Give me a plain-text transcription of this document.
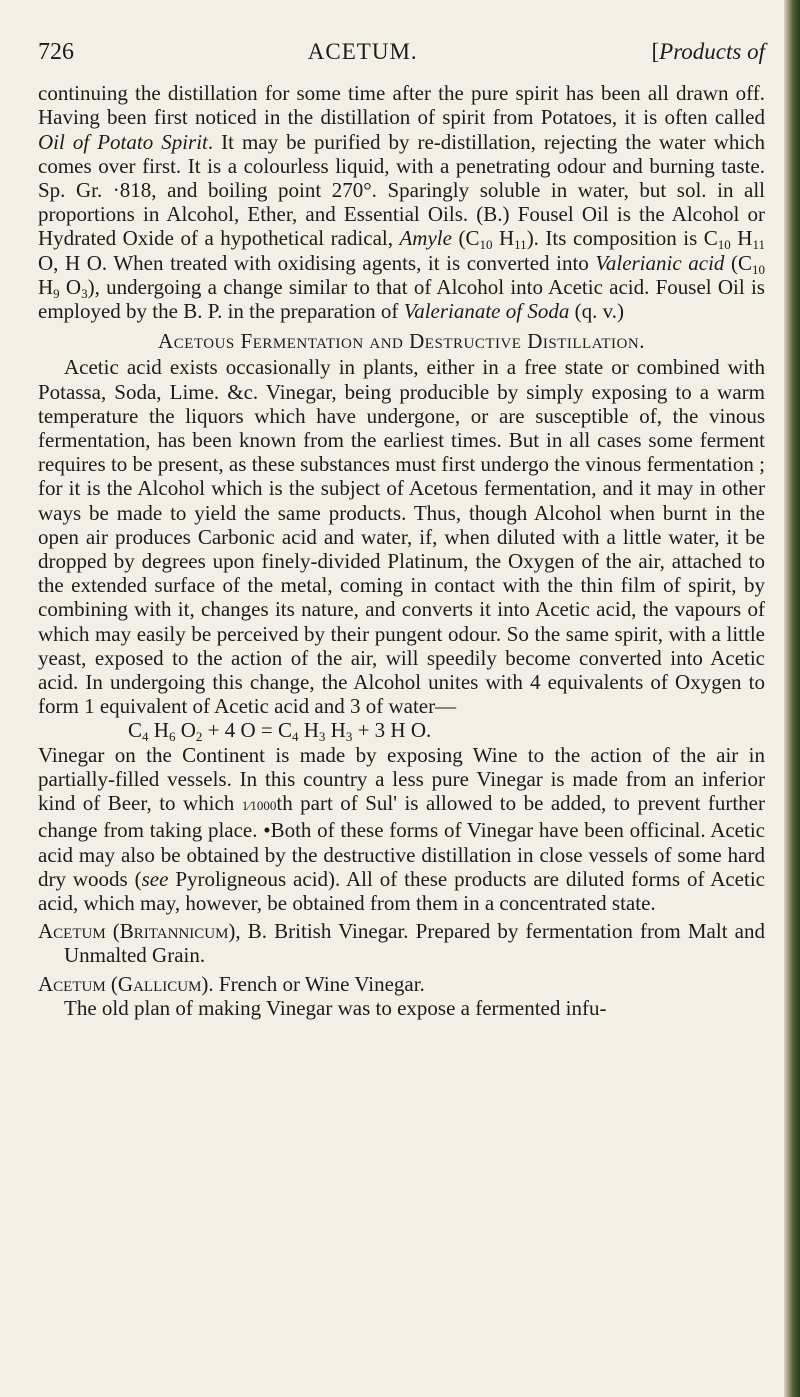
726	ACETUM.	[Products of

continuing the distillation for some time after the pure spirit has been all drawn off. Having been first noticed in the distillation of spirit from Potatoes, it is often called Oil of Potato Spirit. It may be purified by re-distillation, rejecting the water which comes over first. It is a colourless liquid, with a penetrating odour and burning taste. Sp. Gr. ·818, and boiling point 270°. Sparingly soluble in water, but sol. in all proportions in Alcohol, Ether, and Essential Oils. (B.) Fousel Oil is the Alcohol or Hydrated Oxide of a hypothetical radical, Amyle ($C_{10}$ $H_{11}$). Its composition is $C_{10}$ $H_{11}$ O, H O. When treated with oxidising agents, it is converted into Valerianic acid ($C_{10}$ $H_9$ $O_3$), undergoing a change similar to that of Alcohol into Acetic acid. Fousel Oil is employed by the B. P. in the preparation of Valerianate of Soda (q. v.)

Acetous Fermentation and Destructive Distillation.

Acetic acid exists occasionally in plants, either in a free state or combined with Potassa, Soda, Lime. &c. Vinegar, being producible by simply exposing to a warm temperature the liquors which have undergone, or are susceptible of, the vinous fermentation, has been known from the earliest times. But in all cases some ferment requires to be present, as these substances must first undergo the vinous fermentation ; for it is the Alcohol which is the subject of Acetous fermentation, and it may in other ways be made to yield the same products. Thus, though Alcohol when burnt in the open air produces Carbonic acid and water, if, when diluted with a little water, it be dropped by degrees upon finely-divided Platinum, the Oxygen of the air, attached to the extended surface of the metal, coming in contact with the thin film of spirit, by combining with it, changes its nature, and converts it into Acetic acid, the vapours of which may easily be perceived by their pungent odour. So the same spirit, with a little yeast, exposed to the action of the air, will speedily become converted into Acetic acid. In undergoing this change, the Alcohol unites with 4 equivalents of Oxygen to form 1 equivalent of Acetic acid and 3 of water—

$C_4$ $H_6$ $O_2 + 4$ $O = C_4$ $H_3$ $H_3 + 3$ H O.

Vinegar on the Continent is made by exposing Wine to the action of the air in partially-filled vessels. In this country a less pure Vinegar is made from an inferior kind of Beer, to which 1⁄1000th part of Sul' is allowed to be added, to prevent further change from taking place. •Both of these forms of Vinegar have been officinal. Acetic acid may also be obtained by the destructive distillation in close vessels of some hard dry woods (see Pyroligneous acid). All of these products are diluted forms of Acetic acid, which may, however, be obtained from them in a concentrated state.

Acetum (Britannicum), B. British Vinegar. Prepared by fermentation from Malt and Unmalted Grain.

Acetum (Gallicum). French or Wine Vinegar.

The old plan of making Vinegar was to expose a fermented infu-
